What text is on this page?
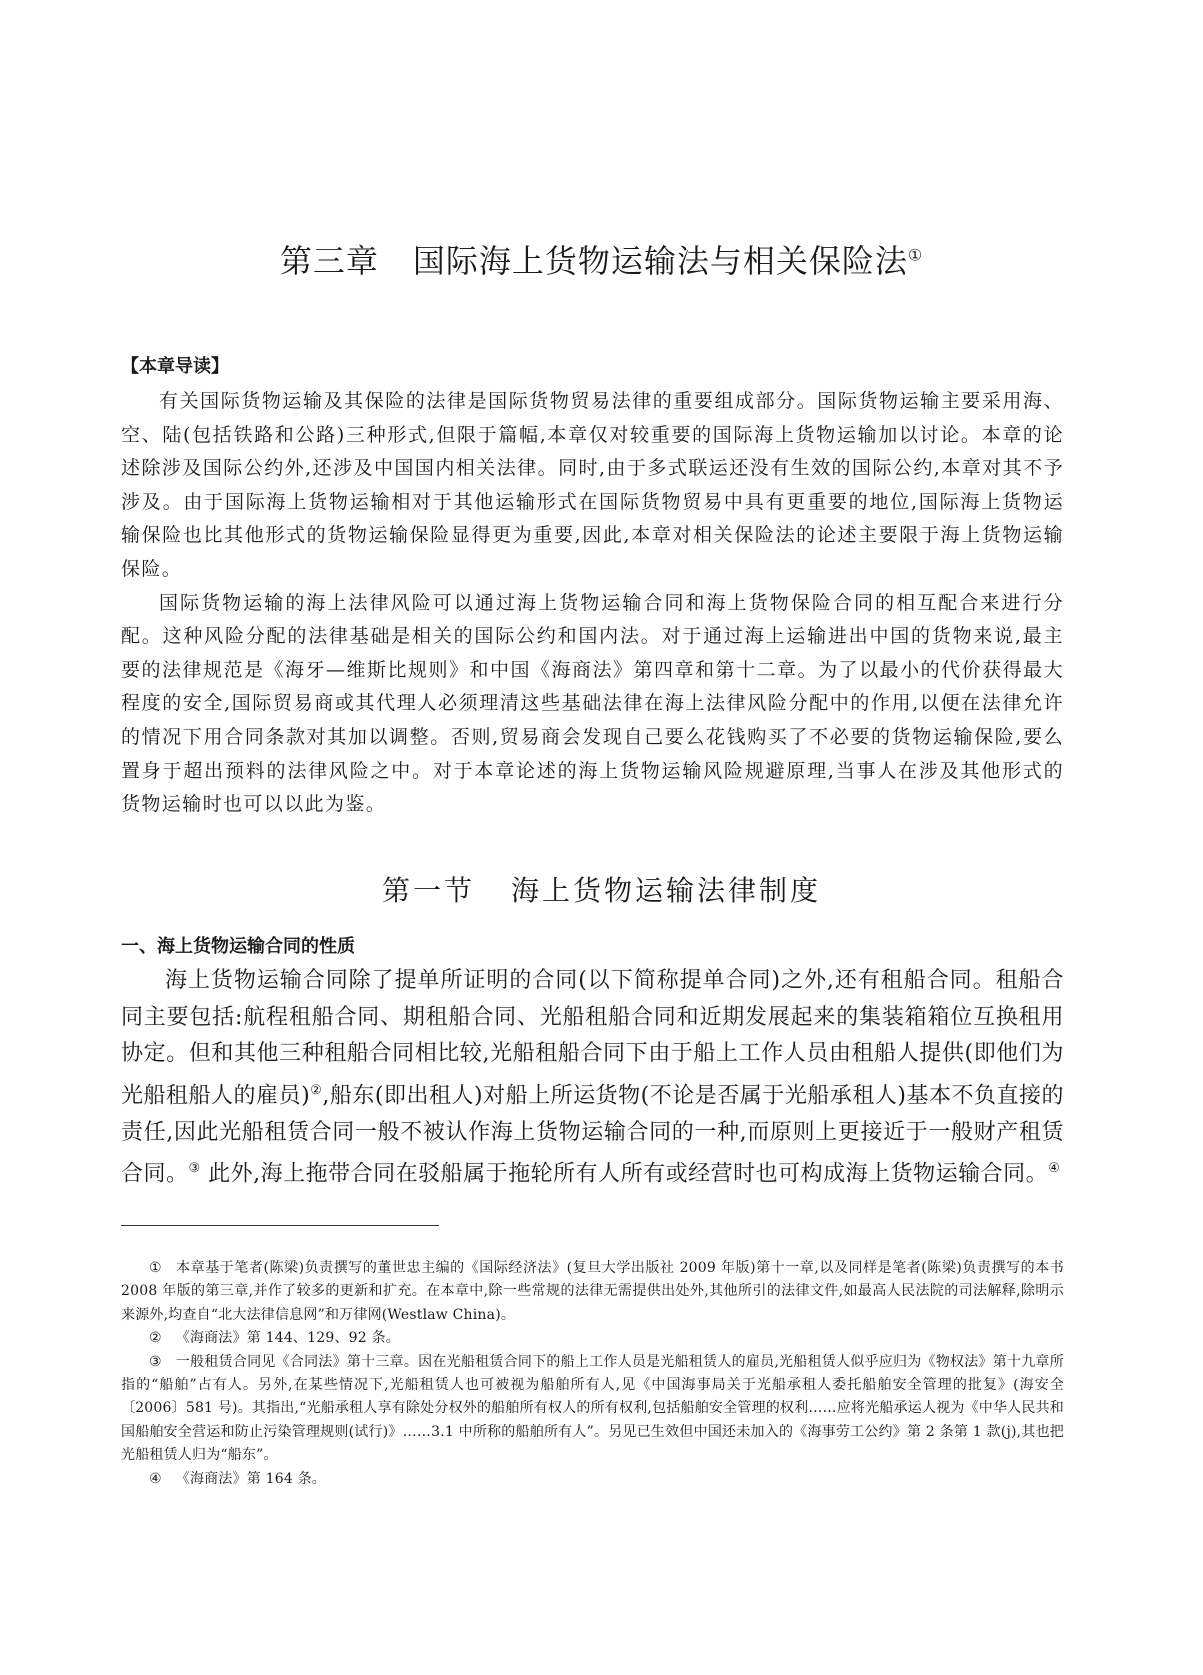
第三章 国际海上货物运输法与相关保险法①

【本章导读】

有关国际货物运输及其保险的法律是国际货物贸易法律的重要组成部分。国际货物运输主要采用海、空、陆(包括铁路和公路)三种形式,但限于篇幅,本章仅对较重要的国际海上货物运输加以讨论。本章的论述除涉及国际公约外,还涉及中国国内相关法律。同时,由于多式联运还没有生效的国际公约,本章对其不予涉及。由于国际海上货物运输相对于其他运输形式在国际货物贸易中具有更重要的地位,国际海上货物运输保险也比其他形式的货物运输保险显得更为重要,因此,本章对相关保险法的论述主要限于海上货物运输保险。

国际货物运输的海上法律风险可以通过海上货物运输合同和海上货物保险合同的相互配合来进行分配。这种风险分配的法律基础是相关的国际公约和国内法。对于通过海上运输进出中国的货物来说,最主要的法律规范是《海牙—维斯比规则》和中国《海商法》第四章和第十二章。为了以最小的代价获得最大程度的安全,国际贸易商或其代理人必须理清这些基础法律在海上法律风险分配中的作用,以便在法律允许的情况下用合同条款对其加以调整。否则,贸易商会发现自己要么花钱购买了不必要的货物运输保险,要么置身于超出预料的法律风险之中。对于本章论述的海上货物运输风险规避原理,当事人在涉及其他形式的货物运输时也可以以此为鉴。

第一节 海上货物运输法律制度

一、海上货物运输合同的性质

海上货物运输合同除了提单所证明的合同(以下简称提单合同)之外,还有租船合同。租船合同主要包括:航程租船合同、期租船合同、光船租船合同和近期发展起来的集装箱箱位互换租用协定。但和其他三种租船合同相比较,光船租船合同下由于船上工作人员由租船人提供(即他们为光船租船人的雇员)②,船东(即出租人)对船上所运货物(不论是否属于光船承租人)基本不负直接的责任,因此光船租赁合同一般不被认作海上货物运输合同的一种,而原则上更接近于一般财产租赁合同。③ 此外,海上拖带合同在驳船属于拖轮所有人所有或经营时也可构成海上货物运输合同。④

① 本章基于笔者(陈梁)负责撰写的董世忠主编的《国际经济法》(复旦大学出版社 2009 年版)第十一章,以及同样是笔者(陈梁)负责撰写的本书 2008 年版的第三章,并作了较多的更新和扩充。在本章中,除一些常规的法律无需提供出处外,其他所引的法律文件,如最高人民法院的司法解释,除明示来源外,均查自“北大法律信息网”和万律网(Westlaw China)。

② 《海商法》第 144、129、92 条。

③ 一般租赁合同见《合同法》第十三章。因在光船租赁合同下的船上工作人员是光船租赁人的雇员,光船租赁人似乎应归为《物权法》第十九章所指的“船舶”占有人。另外,在某些情况下,光船租赁人也可被视为船舶所有人,见《中国海事局关于光船承租人委托船舶安全管理的批复》(海安全〔2006〕581 号)。其指出,“光船承租人享有除处分权外的船舶所有权人的所有权利,包括船舶安全管理的权利……应将光船承运人视为《中华人民共和国船舶安全营运和防止污染管理规则(试行)》……3.1 中所称的船舶所有人”。另见已生效但中国还未加入的《海事劳工公约》第 2 条第 1 款(j),其也把光船租赁人归为“船东”。

④ 《海商法》第 164 条。
